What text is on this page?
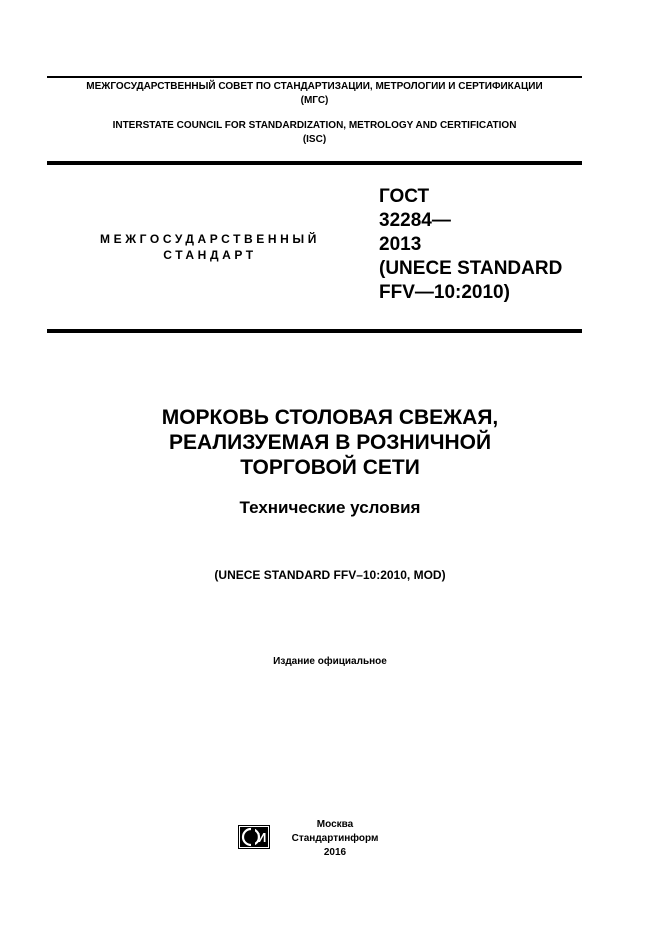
МЕЖГОСУДАРСТВЕННЫЙ СОВЕТ ПО СТАНДАРТИЗАЦИИ, МЕТРОЛОГИИ И СЕРТИФИКАЦИИ
(МГС)
INTERSTATE COUNCIL FOR STANDARDIZATION, METROLOGY AND CERTIFICATION
(ISC)
МЕЖГОСУДАРСТВЕННЫЙ
СТАНДАРТ
ГОСТ
32284—
2013
(UNECE STANDARD
FFV—10:2010)
МОРКОВЬ СТОЛОВАЯ СВЕЖАЯ,
РЕАЛИЗУЕМАЯ В РОЗНИЧНОЙ
ТОРГОВОЙ СЕТИ
Технические условия
(UNECE STANDARD FFV–10:2010, MOD)
Издание официальное
И
Москва
Стандартинформ
2016
